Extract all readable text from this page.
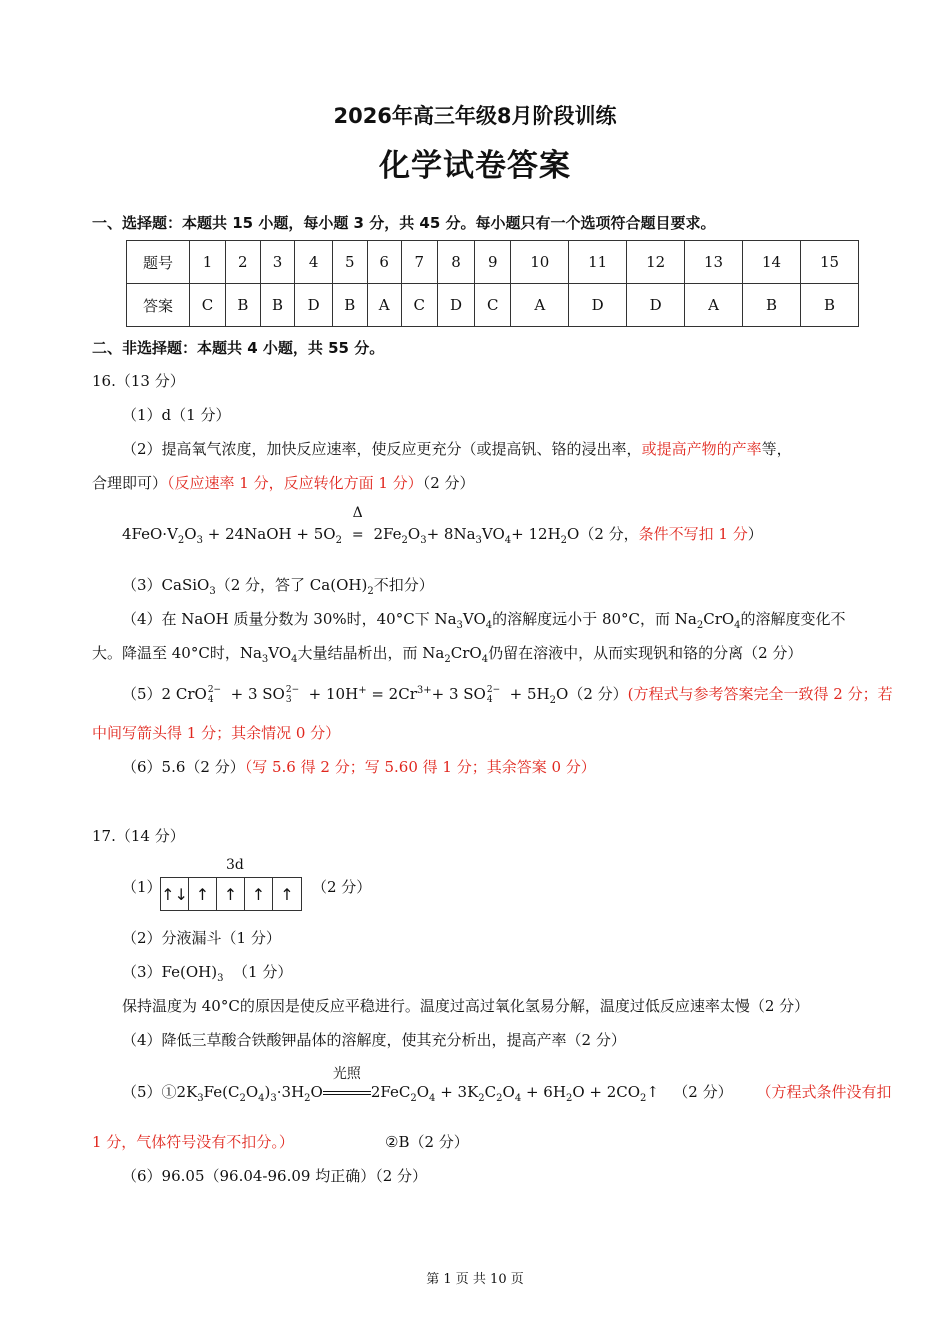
2026年高三年级8月阶段训练
化学试卷答案
一、选择题：本题共 15 小题，每小题 3 分，共 45 分。每小题只有一个选项符合题目要求。
题号	1	2	3	4	5	6	7	8	9	10	11	12	13	14	15
答案	C	B	B	D	B	A	C	D	C	A	D	D	A	B	B
二、非选择题：本题共 4 小题，共 55 分。
16.（13 分）
（1）d（1 分）
（2）提高氧气浓度，加快反应速率，使反应更充分（或提高钒、铬的浸出率，或提高产物的产率等，
合理即可）（反应速率 1 分，反应转化方面 1 分）（2 分）
$4FeO\cdot V_2O_3$ + 24NaOH + $5O_2$
Δ
= $2Fe_2O_3+ 8Na_3VO_4+ 12H_2O(2$ 分，条件不写扣 1 分）
（3）CaSiO$_3$（2 分，答了 $Ca(OH)_2$不扣分）
（4）在 NaOH 质量分数为 30%时，40°C下 $Na_3VO_4$的溶解度远小于 80°C，而 $Na_2CrO_4$的溶解度变化不
大。降温至 40°C时，$Na_3VO_4$大量结晶析出，而 $Na_2CrO_4$仍留在溶液中，从而实现钒和铬的分离（2 分）
（5）2 CrO 2−
4 + 3 SO 2−
$3 + 10H^+ = 2Cr^{3+}+ 3$ SO 2−
$4 + 5H_2O(2$ 分）(方程式与参考答案完全一致得 2 分；若
中间写箭头得 1 分；其余情况 0 分）
（6）5.6（2 分）（写 5.6 得 2 分；写 5.60 得 1 分；其余答案 0 分）
17.（14 分）
3d
（1） ↑↓ ↑ ↑ ↑ ↑	（2 分）
（2）分液漏斗（1 分）
$(3)Fe(OH)_3$ （1 分）
保持温度为 40°C的原因是使反应平稳进行。温度过高过氧化氢易分解，温度过低反应速率太慢（2 分）
（4）降低三草酸合铁酸钾晶体的溶解度，使其充分析出，提高产率（2 分）
$(5)①2K_3Fe(C_2O_4)_3\cdot 3H_2O$
光照
$2FeC_2O_4 + 3K_2C_2O_4 + 6H_2O$ + $2CO_2↑$   （2 分） （方程式条件没有扣
1 分，气体符号没有不扣分。）	②B（2 分）
（6）96.05（96.04-96.09 均正确）（2 分）
第 1 页 共 10 页
